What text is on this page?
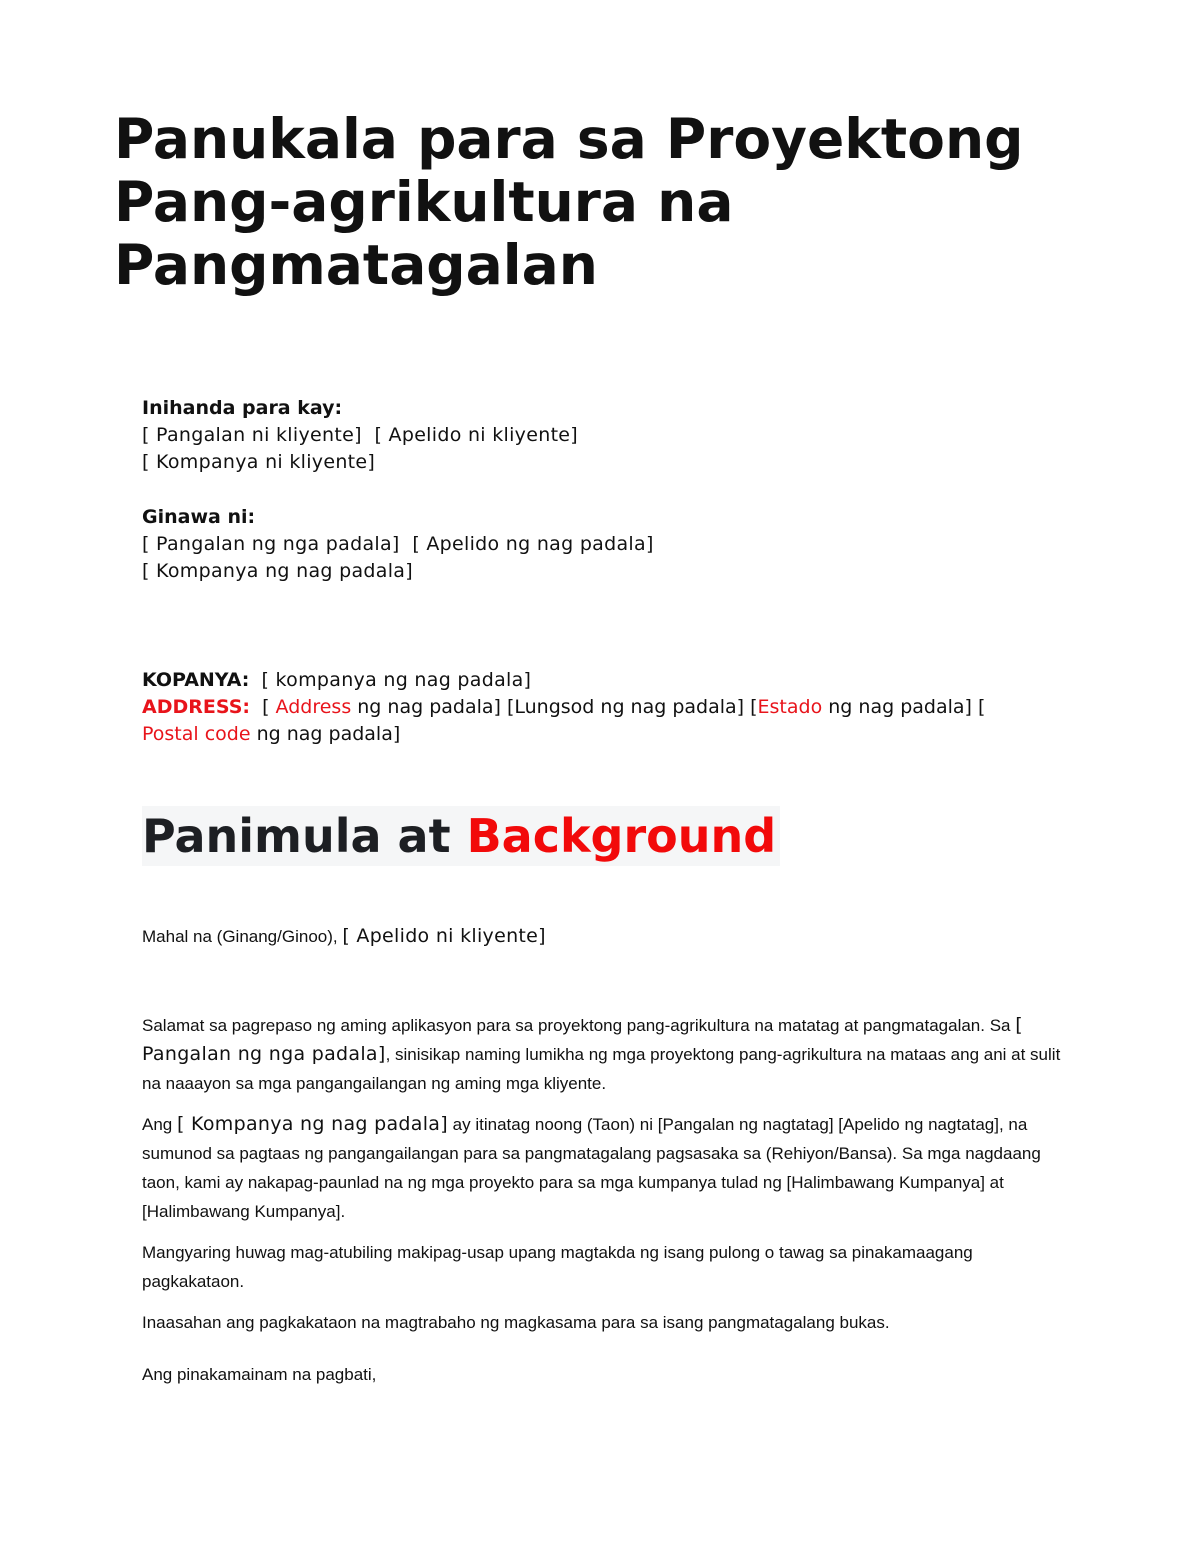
Panukala para sa Proyektong Pang-agrikultura na Pangmatagalan
Inihanda para kay:
[ Pangalan ni kliyente] [ Apelido ni kliyente]
[ Kompanya ni kliyente]
Ginawa ni:
[ Pangalan ng nga padala] [ Apelido ng nag padala]
[ Kompanya ng nag padala]
KOPANYA: [ kompanya ng nag padala]
ADDRESS: [ Address ng nag padala] [Lungsod ng nag padala] [Estado ng nag padala] [ Postal code ng nag padala]
Panimula at Background

Mahal na (Ginang/Ginoo), [ Apelido ni kliyente]

Salamat sa pagrepaso ng aming aplikasyon para sa proyektong pang-agrikultura na matatag at pangmatagalan. Sa [ Pangalan ng nga padala], sinisikap naming lumikha ng mga proyektong pang-agrikultura na mataas ang ani at sulit na naaayon sa mga pangangailangan ng aming mga kliyente.

Ang [ Kompanya ng nag padala] ay itinatag noong (Taon) ni [Pangalan ng nagtatag] [Apelido ng nagtatag], na sumunod sa pagtaas ng pangangailangan para sa pangmatagalang pagsasaka sa (Rehiyon/Bansa). Sa mga nagdaang taon, kami ay nakapag-paunlad na ng mga proyekto para sa mga kumpanya tulad ng [Halimbawang Kumpanya] at [Halimbawang Kumpanya].

Mangyaring huwag mag-atubiling makipag-usap upang magtakda ng isang pulong o tawag sa pinakamaagang pagkakataon.

Inaasahan ang pagkakataon na magtrabaho ng magkasama para sa isang pangmatagalang bukas.

Ang pinakamainam na pagbati,
